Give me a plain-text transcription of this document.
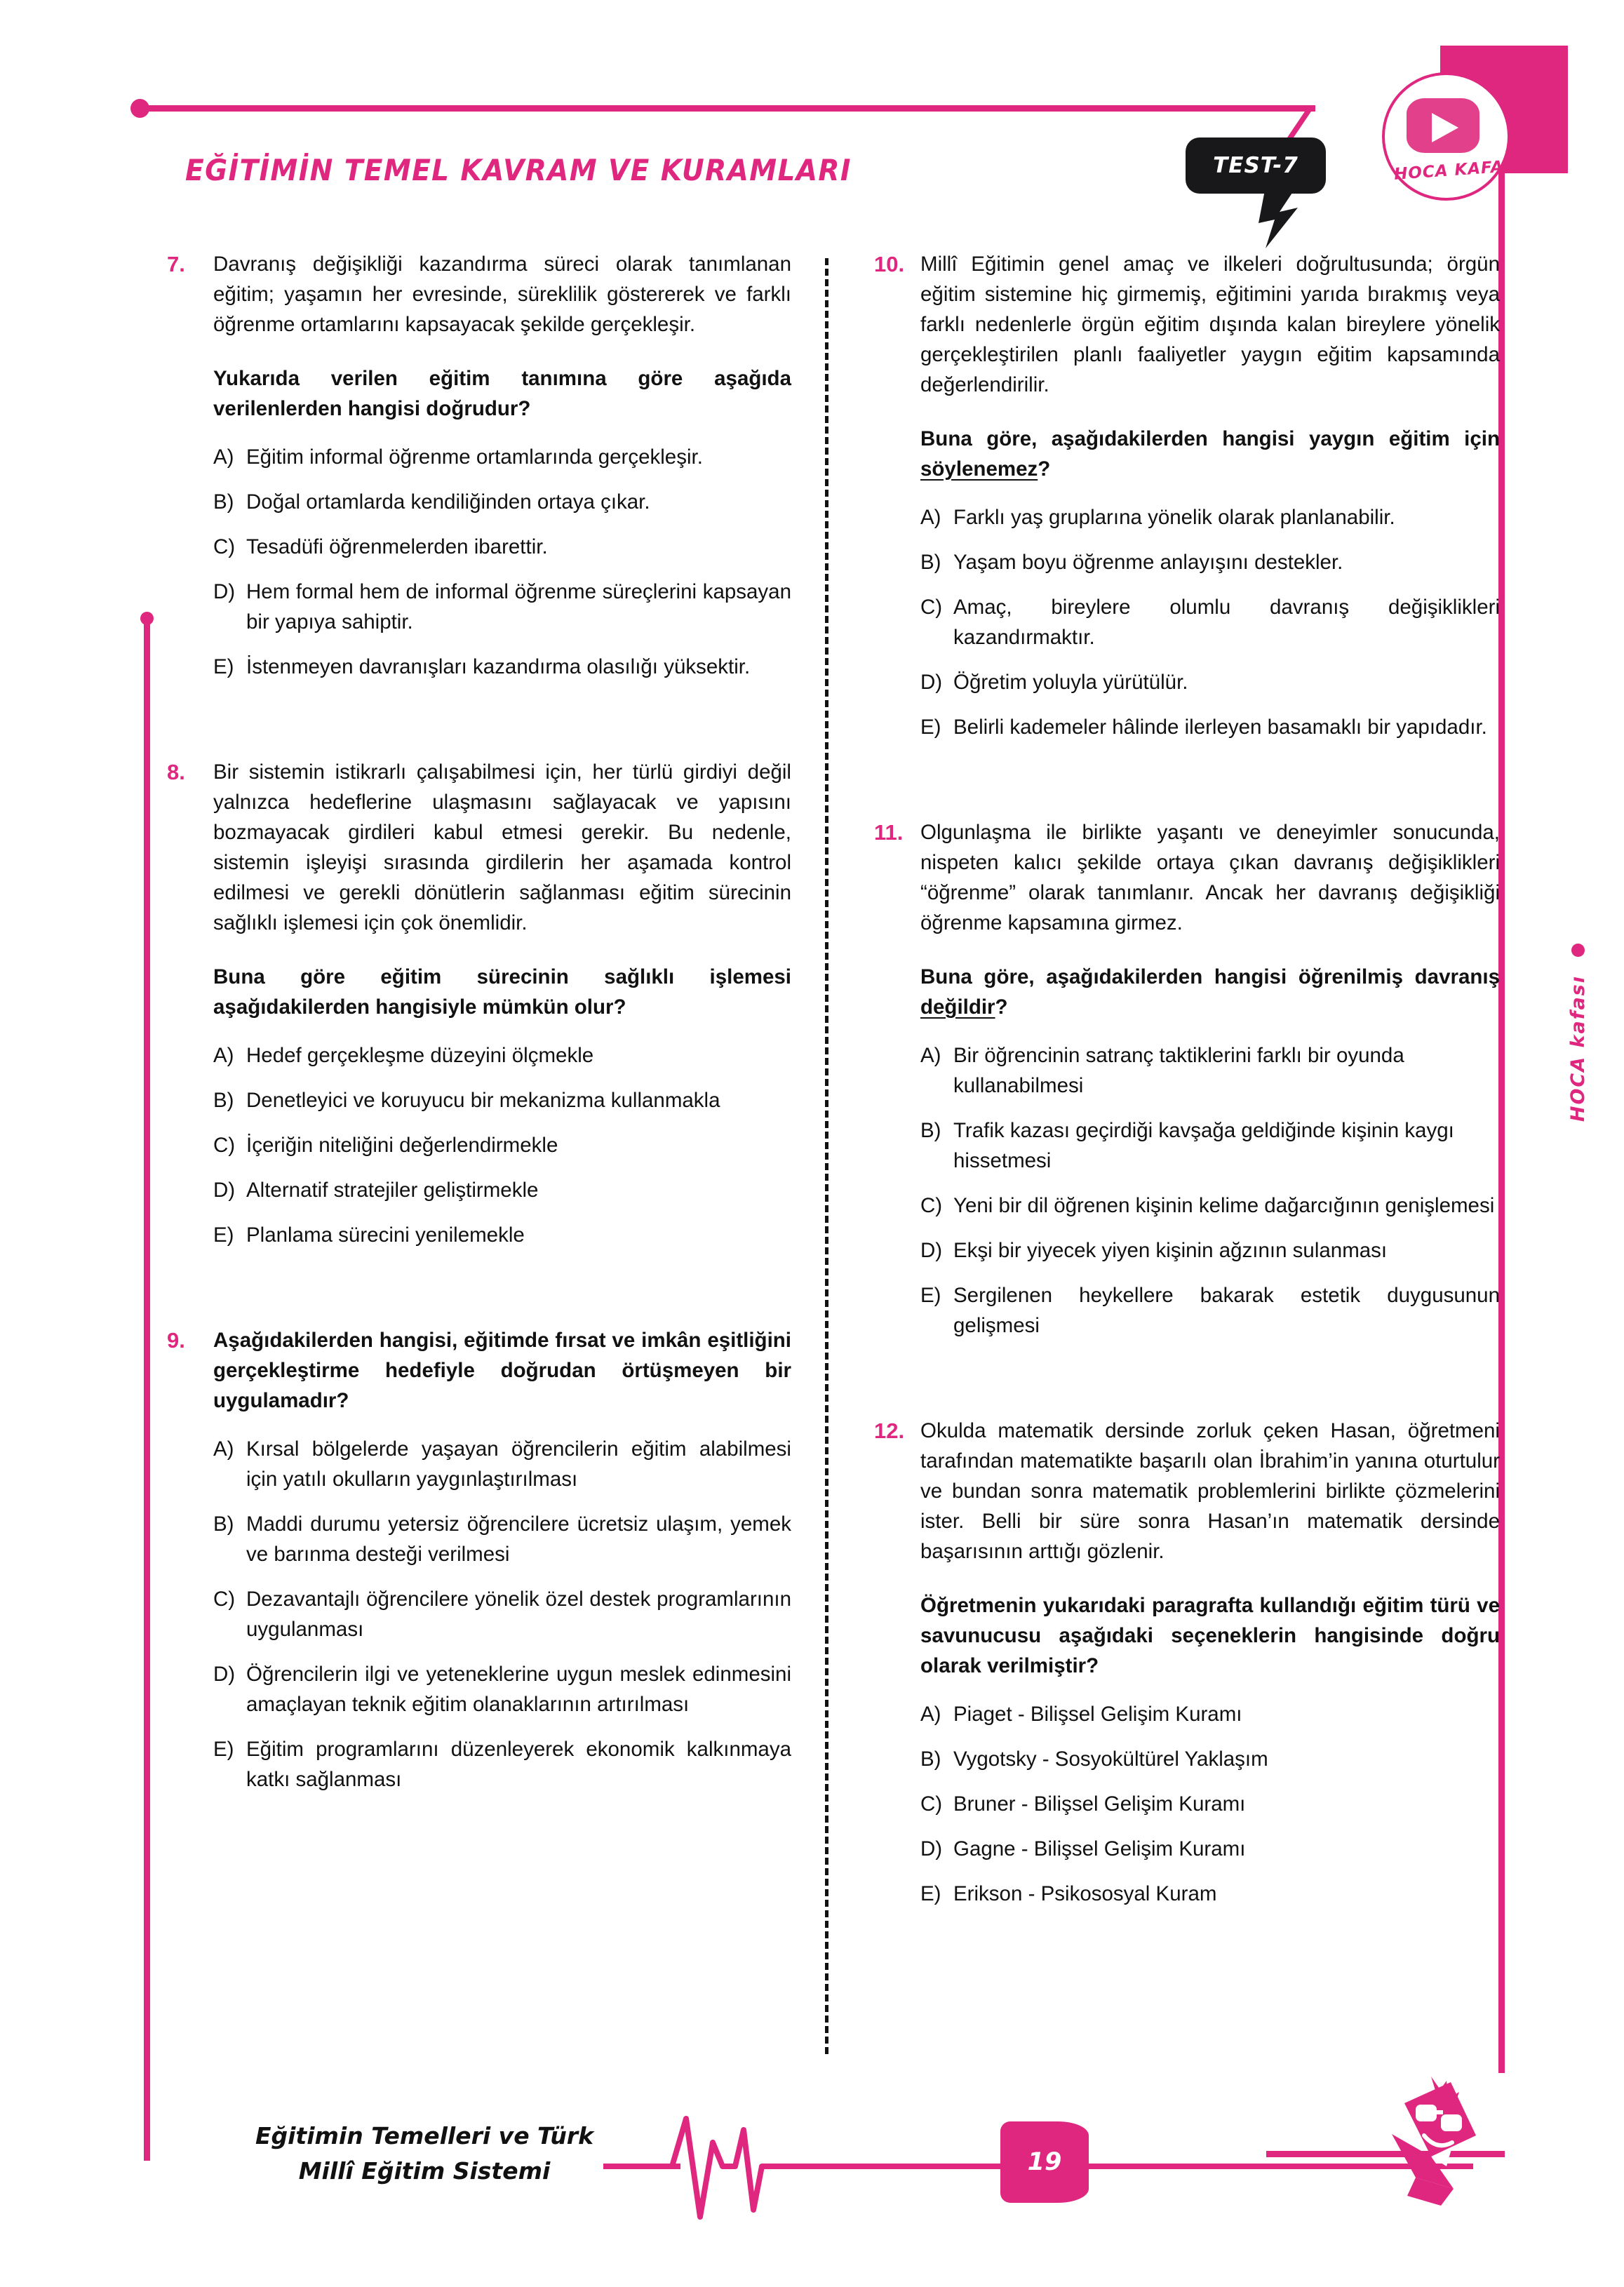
EĞİTİMİN TEMEL KAVRAM VE KURAMLARI	TEST-7	HOCA KAFASI
HOCA kafası
7.	Davranış değişikliği kazandırma süreci olarak tanımlanan eğitim; yaşamın her evresinde, süreklilik göstererek ve farklı öğrenme ortamlarını kapsayacak şekilde gerçekleşir.

Yukarıda verilen eğitim tanımına göre aşağıda verilenlerden hangisi doğrudur?

A) Eğitim informal öğrenme ortamlarında gerçekleşir.
B) Doğal ortamlarda kendiliğinden ortaya çıkar.
C) Tesadüfi öğrenmelerden ibarettir.
D) Hem formal hem de informal öğrenme süreçlerini kapsayan bir yapıya sahiptir.
E) İstenmeyen davranışları kazandırma olasılığı yüksektir.
8.	Bir sistemin istikrarlı çalışabilmesi için, her türlü girdiyi değil yalnızca hedeflerine ulaşmasını sağlayacak ve yapısını bozmayacak girdileri kabul etmesi gerekir. Bu nedenle, sistemin işleyişi sırasında girdilerin her aşamada kontrol edilmesi ve gerekli dönütlerin sağlanması eğitim sürecinin sağlıklı işlemesi için çok önemlidir.

Buna göre eğitim sürecinin sağlıklı işlemesi aşağıdakilerden hangisiyle mümkün olur?

A) Hedef gerçekleşme düzeyini ölçmekle
B) Denetleyici ve koruyucu bir mekanizma kullanmakla
C) İçeriğin niteliğini değerlendirmekle
D) Alternatif stratejiler geliştirmekle
E) Planlama sürecini yenilemekle
9.	Aşağıdakilerden hangisi, eğitimde fırsat ve imkân eşitliğini gerçekleştirme hedefiyle doğrudan örtüşmeyen bir uygulamadır?

A) Kırsal bölgelerde yaşayan öğrencilerin eğitim alabilmesi için yatılı okulların yaygınlaştırılması
B) Maddi durumu yetersiz öğrencilere ücretsiz ulaşım, yemek ve barınma desteği verilmesi
C) Dezavantajlı öğrencilere yönelik özel destek programlarının uygulanması
D) Öğrencilerin ilgi ve yeteneklerine uygun meslek edinmesini amaçlayan teknik eğitim olanaklarının artırılması
E) Eğitim programlarını düzenleyerek ekonomik kalkınmaya katkı sağlanması
10. Millî Eğitimin genel amaç ve ilkeleri doğrultusunda; örgün eğitim sistemine hiç girmemiş, eğitimini yarıda bırakmış veya farklı nedenlerle örgün eğitim dışında kalan bireylere yönelik gerçekleştirilen planlı faaliyetler yaygın eğitim kapsamında değerlendirilir.

Buna göre, aşağıdakilerden hangisi yaygın eğitim için söylenemez?

A) Farklı yaş gruplarına yönelik olarak planlanabilir.
B) Yaşam boyu öğrenme anlayışını destekler.
C) Amaç, bireylere olumlu davranış değişiklikleri kazandırmaktır.
D) Öğretim yoluyla yürütülür.
E) Belirli kademeler hâlinde ilerleyen basamaklı bir yapıdadır.
11. Olgunlaşma ile birlikte yaşantı ve deneyimler sonucunda, nispeten kalıcı şekilde ortaya çıkan davranış değişiklikleri “öğrenme” olarak tanımlanır. Ancak her davranış değişikliği öğrenme kapsamına girmez.

Buna göre, aşağıdakilerden hangisi öğrenilmiş davranış değildir?

A) Bir öğrencinin satranç taktiklerini farklı bir oyunda kullanabilmesi
B) Trafik kazası geçirdiği kavşağa geldiğinde kişinin kaygı hissetmesi
C) Yeni bir dil öğrenen kişinin kelime dağarcığının genişlemesi
D) Ekşi bir yiyecek yiyen kişinin ağzının sulanması
E) Sergilenen heykellere bakarak estetik duygusunun gelişmesi
12. Okulda matematik dersinde zorluk çeken Hasan, öğretmeni tarafından matematikte başarılı olan İbrahim’in yanına oturtulur ve bundan sonra matematik problemlerini birlikte çözmelerini ister. Belli bir süre sonra Hasan’ın matematik dersinde başarısının arttığı gözlenir.

Öğretmenin yukarıdaki paragrafta kullandığı eğitim türü ve savunucusu aşağıdaki seçeneklerin hangisinde doğru olarak verilmiştir?

A) Piaget - Bilişsel Gelişim Kuramı
B) Vygotsky - Sosyokültürel Yaklaşım
C) Bruner - Bilişsel Gelişim Kuramı
D) Gagne - Bilişsel Gelişim Kuramı
E) Erikson - Psikososyal Kuram
Eğitimin Temelleri ve Türk
Millî Eğitim Sistemi	19
